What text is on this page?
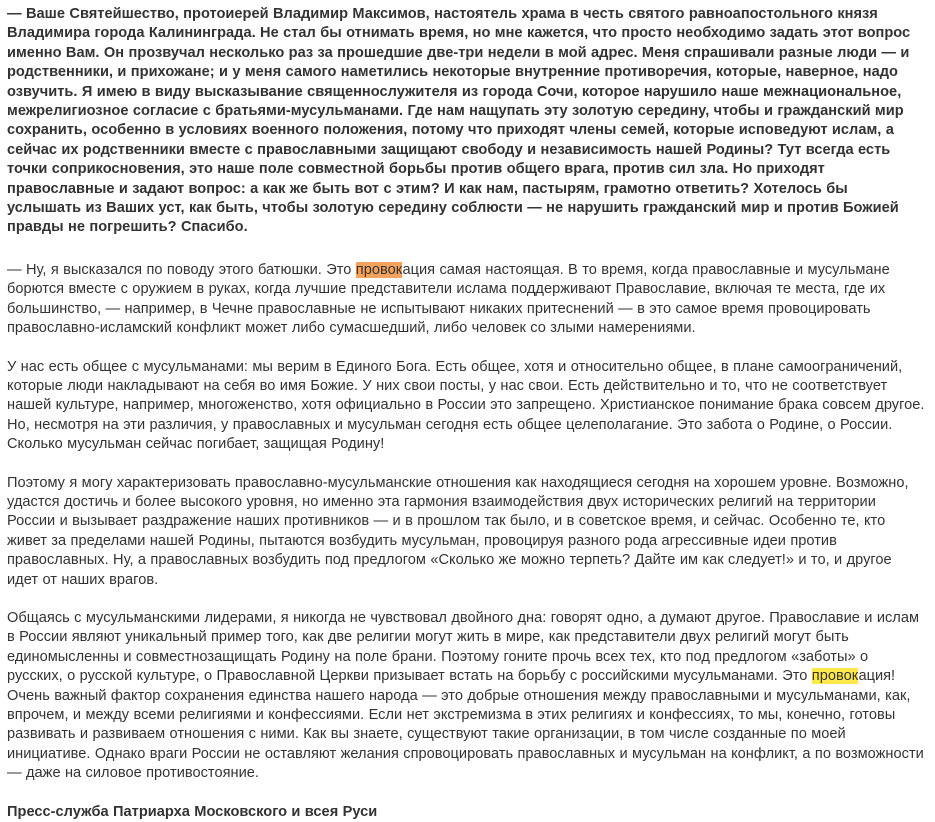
— Ваше Святейшество, протоиерей Владимир Максимов, настоятель храма в честь святого равноапостольного князя Владимира города Калининграда. Не стал бы отнимать время, но мне кажется, что просто необходимо задать этот вопрос именно Вам. Он прозвучал несколько раз за прошедшие две-три недели в мой адрес. Меня спрашивали разные люди — и родственники, и прихожане; и у меня самого наметились некоторые внутренние противоречия, которые, наверное, надо озвучить. Я имею в виду высказывание священнослужителя из города Сочи, которое нарушило наше межнациональное, межрелигиозное согласие с братьями-мусульманами. Где нам нащупать эту золотую середину, чтобы и гражданский мир сохранить, особенно в условиях военного положения, потому что приходят члены семей, которые исповедуют ислам, а сейчас их родственники вместе с православными защищают свободу и независимость нашей Родины? Тут всегда есть точки соприкосновения, это наше поле совместной борьбы против общего врага, против сил зла. Но приходят православные и задают вопрос: а как же быть вот с этим? И как нам, пастырям, грамотно ответить? Хотелось бы услышать из Ваших уст, как быть, чтобы золотую середину соблюсти — не нарушить гражданский мир и против Божией правды не погрешить? Спасибо.

— Ну, я высказался по поводу этого батюшки. Это провокация самая настоящая. В то время, когда православные и мусульмане борются вместе с оружием в руках, когда лучшие представители ислама поддерживают Православие, включая те места, где их большинство, — например, в Чечне православные не испытывают никаких притеснений — в это самое время провоцировать православно-исламский конфликт может либо сумасшедший, либо человек со злыми намерениями.

У нас есть общее с мусульманами: мы верим в Единого Бога. Есть общее, хотя и относительно общее, в плане самоограничений, которые люди накладывают на себя во имя Божие. У них свои посты, у нас свои. Есть действительно и то, что не соответствует нашей культуре, например, многоженство, хотя официально в России это запрещено. Христианское понимание брака совсем другое. Но, несмотря на эти различия, у православных и мусульман сегодня есть общее целеполагание. Это забота о Родине, о России. Сколько мусульман сейчас погибает, защищая Родину!

Поэтому я могу характеризовать православно-мусульманские отношения как находящиеся сегодня на хорошем уровне. Возможно, удастся достичь и более высокого уровня, но именно эта гармония взаимодействия двух исторических религий на территории России и вызывает раздражение наших противников — и в прошлом так было, и в советское время, и сейчас. Особенно те, кто живет за пределами нашей Родины, пытаются возбудить мусульман, провоцируя разного рода агрессивные идеи против православных. Ну, а православных возбудить под предлогом «Сколько же можно терпеть? Дайте им как следует!» и то, и другое идет от наших врагов.

Общаясь с мусульманскими лидерами, я никогда не чувствовал двойного дна: говорят одно, а думают другое. Православие и ислам в России являют уникальный пример того, как две религии могут жить в мире, как представители двух религий могут быть единомысленны и совместнозащищать Родину на поле брани. Поэтому гоните прочь всех тех, кто под предлогом «заботы» о русских, о русской культуре, о Православной Церкви призывает встать на борьбу с российскими мусульманами. Это провокация! Очень важный фактор сохранения единства нашего народа — это добрые отношения между православными и мусульманами, как, впрочем, и между всеми религиями и конфессиями. Если нет экстремизма в этих религиях и конфессиях, то мы, конечно, готовы развивать и развиваем отношения с ними. Как вы знаете, существуют такие организации, в том числе созданные по моей инициативе. Однако враги России не оставляют желания спровоцировать православных и мусульман на конфликт, а по возможности — даже на силовое противостояние.

Пресс-служба Патриарха Московского и всея Руси
